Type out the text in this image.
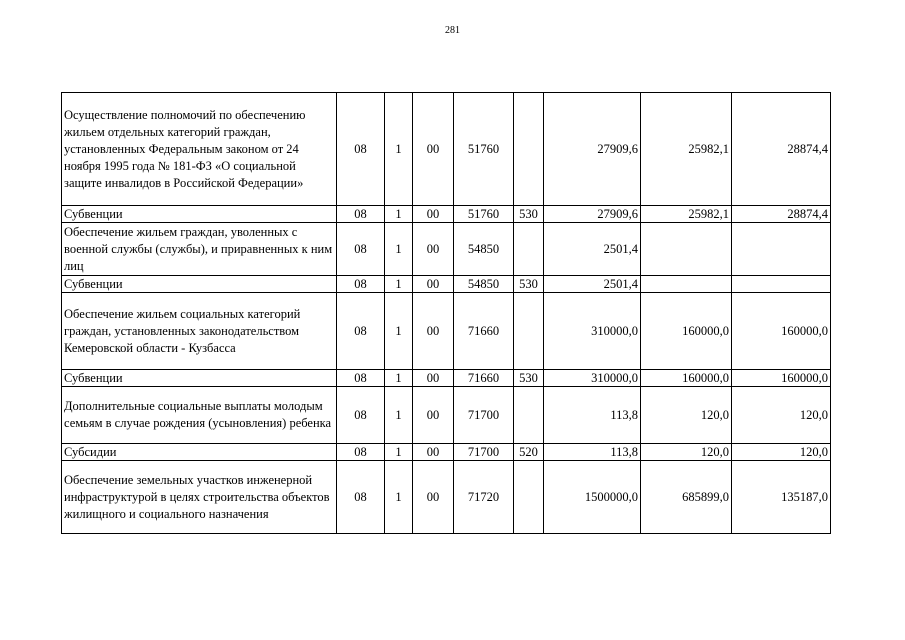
281
Осуществление полномочий по обеспечению жильем отдельных категорий граждан, установленных Федеральным законом от 24 ноября 1995 года № 181-ФЗ «О социальной защите инвалидов в Российской Федерации»	08	1	00	51760		27909,6	25982,1	28874,4
Субвенции	08	1	00	51760	530	27909,6	25982,1	28874,4
Обеспечение жильем граждан, уволенных с военной службы (службы), и приравненных к ним лиц	08	1	00	54850		2501,4		
Субвенции	08	1	00	54850	530	2501,4		
Обеспечение жильем социальных категорий граждан, установленных законодательством Кемеровской области - Кузбасса	08	1	00	71660		310000,0	160000,0	160000,0
Субвенции	08	1	00	71660	530	310000,0	160000,0	160000,0
Дополнительные социальные выплаты молодым семьям в случае рождения (усыновления) ребенка	08	1	00	71700		113,8	120,0	120,0
Субсидии	08	1	00	71700	520	113,8	120,0	120,0
Обеспечение земельных участков инженерной инфраструктурой в целях строительства объектов жилищного и социального назначения	08	1	00	71720		1500000,0	685899,0	135187,0
